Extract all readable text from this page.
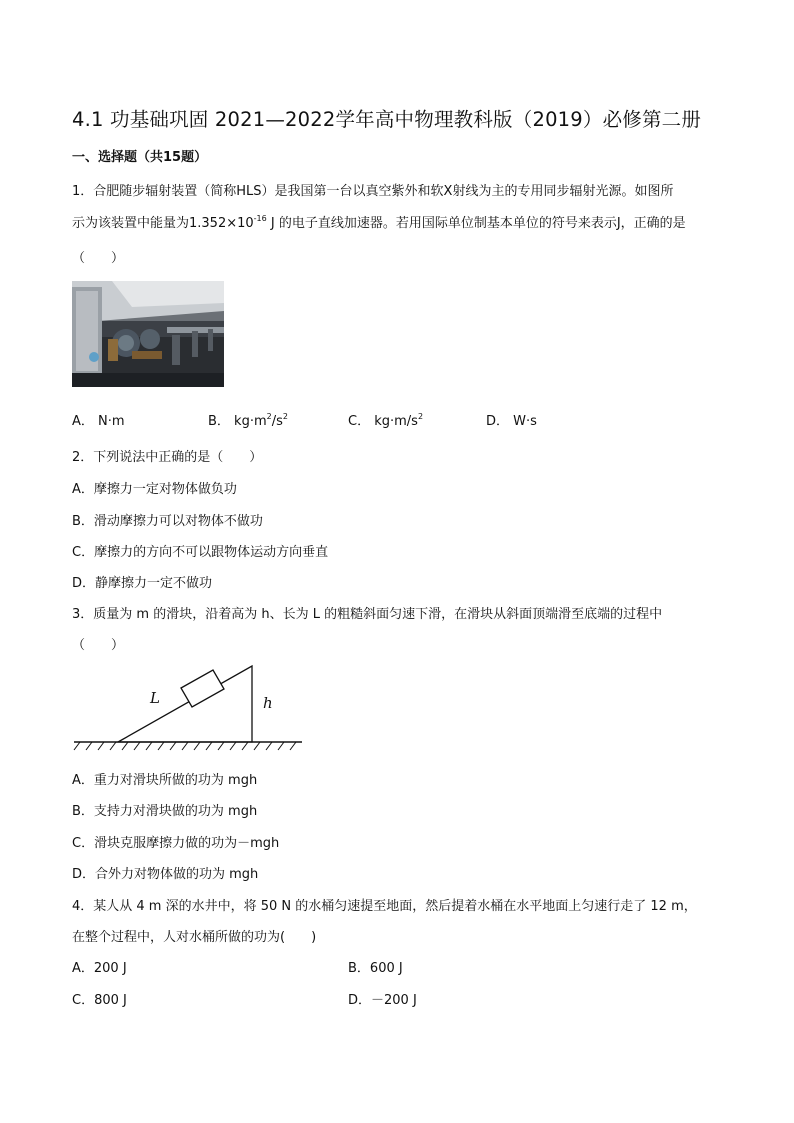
4.1 功基础巩固 2021—2022学年高中物理教科版（2019）必修第二册
一、选择题（共15题）
1．合肥随步辐射装置（简称HLS）是我国第一台以真空紫外和软X射线为主的专用同步辐射光源。如图所
示为该装置中能量为$1.352\times 10^{-16}$ J 的电子直线加速器。若用国际单位制基本单位的符号来表示J，正确的是
（　　）
A． N·m	B． $kg\cdot m^2/s^2$	C． $kg\cdot m/s^2$	D． W·s
2．下列说法中正确的是（　　）
A．摩擦力一定对物体做负功
B．滑动摩擦力可以对物体不做功
C．摩擦力的方向不可以跟物体运动方向垂直
D．静摩擦力一定不做功
3．质量为 m 的滑块，沿着高为 h、长为 L 的粗糙斜面匀速下滑，在滑块从斜面顶端滑至底端的过程中
（　　）
L	h
A．重力对滑块所做的功为 mgh
B．支持力对滑块做的功为 mgh
C．滑块克服摩擦力做的功为－mgh
D．合外力对物体做的功为 mgh
4．某人从 4 m 深的水井中，将 50 N 的水桶匀速提至地面，然后提着水桶在水平地面上匀速行走了 12 m，
在整个过程中，人对水桶所做的功为(　　)
A．200 J	B．600 J
C．800 J	D．－200 J
